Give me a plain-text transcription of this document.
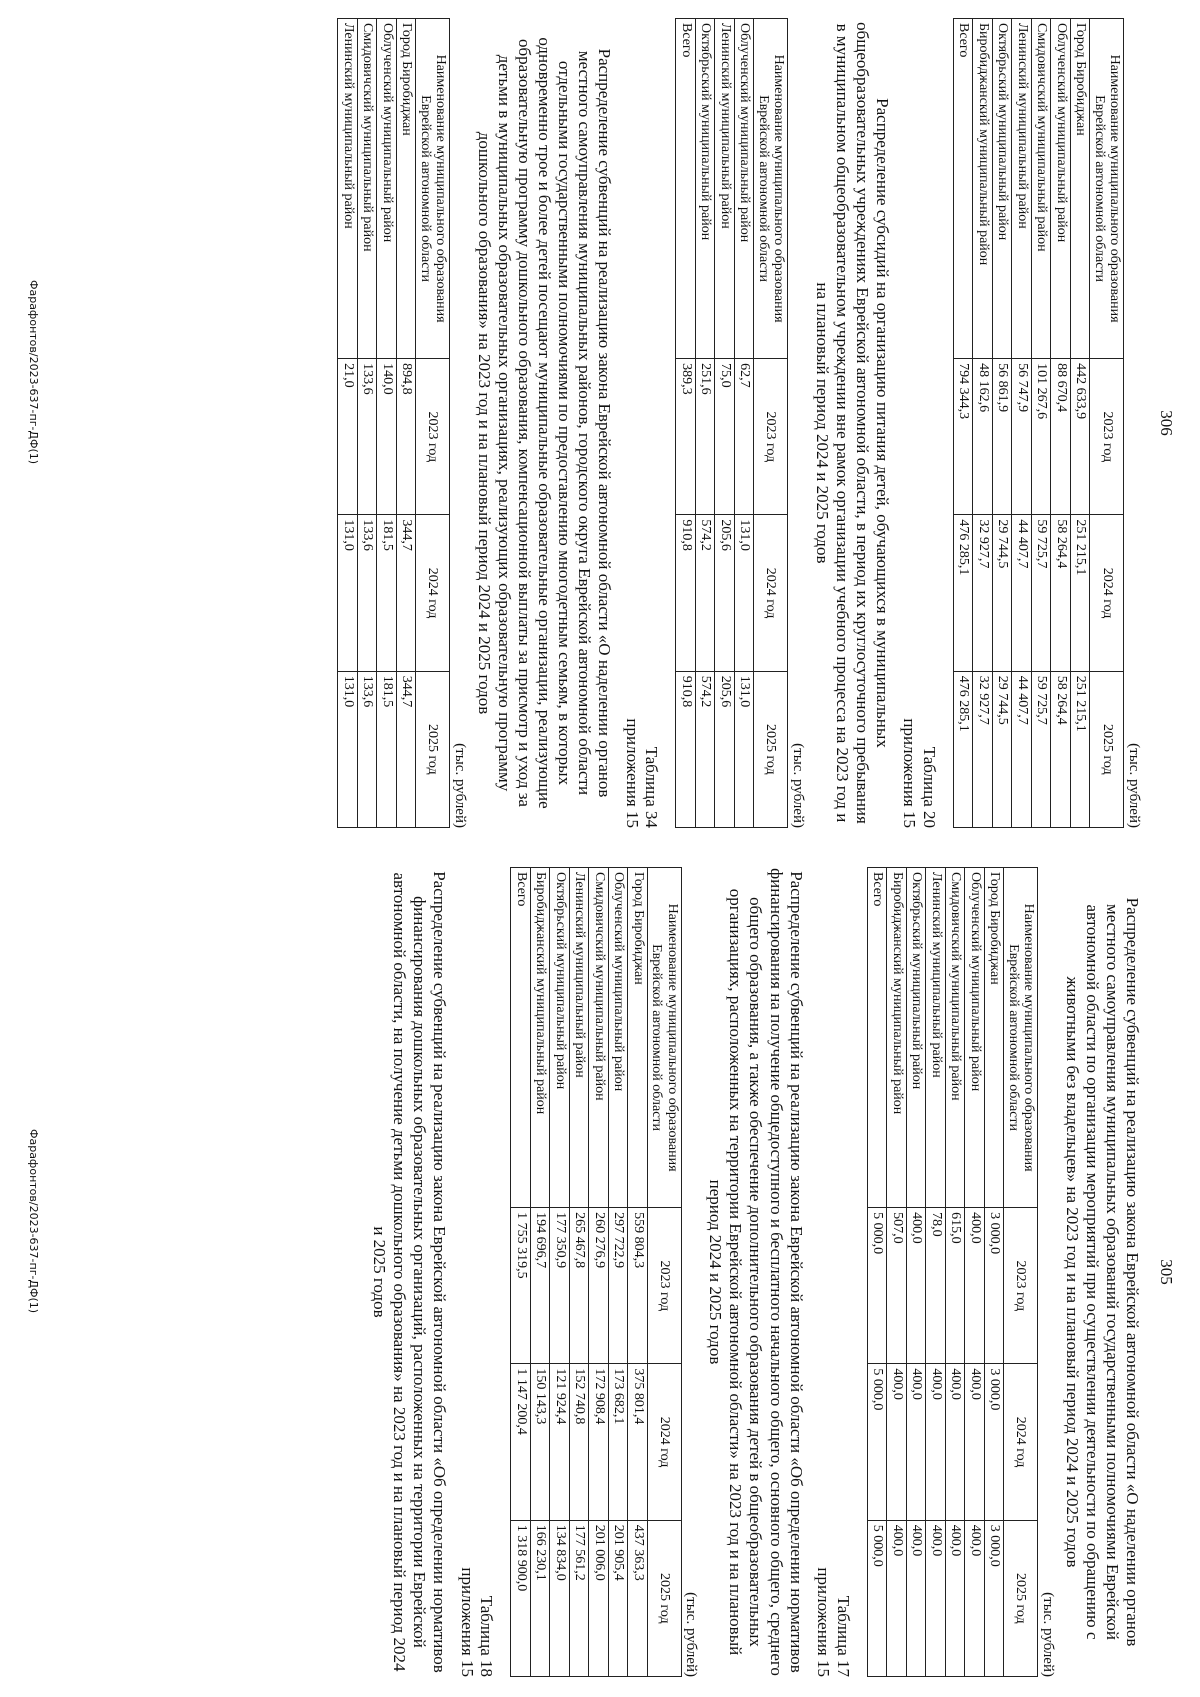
305
Распределение субвенций на реализацию закона Еврейской автономной области «О наделении органов местного самоуправления муниципальных образований государственными полномочиями Еврейской автономной области по организации мероприятий при осуществлении деятельности по обращению с животными без владельцев» на 2023 год и на плановый период 2024 и 2025 годов
(тыс. рублей)
Наименование муниципального образования Еврейской автономной области	2023 год	2024 год	2025 год
Город Биробиджан	3 000,0	3 000,0	3 000,0
Облученский муниципальный район	400,0	400,0	400,0
Смидовичский муниципальный район	615,0	400,0	400,0
Ленинский муниципальный район	78,0	400,0	400,0
Октябрьский муниципальный район	400,0	400,0	400,0
Биробиджанский муниципальный район	507,0	400,0	400,0
Всего	5 000,0	5 000,0	5 000,0
Таблица 17
приложения 15
Распределение субвенций на реализацию закона Еврейской автономной области «Об определении нормативов финансирования на получение общедоступного и бесплатного начального общего, основного общего, среднего общего образования, а также обеспечение дополнительного образования детей в общеобразовательных организациях, расположенных на территории Еврейской автономной области» на 2023 год и на плановый период 2024 и 2025 годов
(тыс. рублей)
Наименование муниципального образования Еврейской автономной области	2023 год	2024 год	2025 год
Город Биробиджан	559 804,3	375 801,4	437 363,3
Облученский муниципальный район	297 722,9	173 682,1	201 905,4
Смидовичский муниципальный район	260 276,9	172 908,4	201 006,0
Ленинский муниципальный район	265 467,8	152 740,8	177 561,2
Октябрьский муниципальный район	177 350,9	121 924,4	134 834,0
Биробиджанский муниципальный район	194 696,7	150 143,3	166 230,1
Всего	1 755 319,5	1 147 200,4	1 318 900,0
Таблица 18
приложения 15
Распределение субвенций на реализацию закона Еврейской автономной области «Об определении нормативов финансирования дошкольных образовательных организаций, расположенных на территории Еврейской автономной области, на получение детьми дошкольного образования» на 2023 год и на плановый период 2024 и 2025 годов
Фарафонтов/2023-637-пг-ДФ(1)
306
(тыс. рублей)
Наименование муниципального образования Еврейской автономной области	2023 год	2024 год	2025 год
Город Биробиджан	442 633,9	251 215,1	251 215,1
Облученский муниципальный район	88 670,4	58 264,4	58 264,4
Смидовичский муниципальный район	101 267,6	59 725,7	59 725,7
Ленинский муниципальный район	56 747,9	44 407,7	44 407,7
Октябрьский муниципальный район	56 861,9	29 744,5	29 744,5
Биробиджанский муниципальный район	48 162,6	32 927,7	32 927,7
Всего	794 344,3	476 285,1	476 285,1
Таблица 20
приложения 15
Распределение субсидий на организацию питания детей, обучающихся в муниципальных общеобразовательных учреждениях Еврейской автономной области, в период их круглосуточного пребывания в муниципальном общеобразовательном учреждении вне рамок организации учебного процесса на 2023 год и на плановый период 2024 и 2025 годов
(тыс. рублей)
Наименование муниципального образования Еврейской автономной области	2023 год	2024 год	2025 год
Облученский муниципальный район	62,7	131,0	131,0
Ленинский муниципальный район	75,0	205,6	205,6
Октябрьский муниципальный район	251,6	574,2	574,2
Всего	389,3	910,8	910,8
Таблица 34
приложения 15
Распределение субвенций на реализацию закона Еврейской автономной области «О наделении органов местного самоуправления муниципальных районов, городского округа Еврейской автономной области отдельными государственными полномочиями по предоставлению многодетным семьям, в которых одновременно трое и более детей посещают муниципальные образовательные организации, реализующие образовательную программу дошкольного образования, компенсационной выплаты за присмотр и уход за детьми в муниципальных образовательных организациях, реализующих образовательную программу дошкольного образования» на 2023 год и на плановый период 2024 и 2025 годов
(тыс. рублей)
Наименование муниципального образования Еврейской автономной области	2023 год	2024 год	2025 год
Город Биробиджан	894,8	344,7	344,7
Облученский муниципальный район	140,0	181,5	181,5
Смидовичский муниципальный район	133,6	133,6	133,6
Ленинский муниципальный район	21,0	131,0	131,0
Фарафонтов/2023-637-пг-ДФ(1)
